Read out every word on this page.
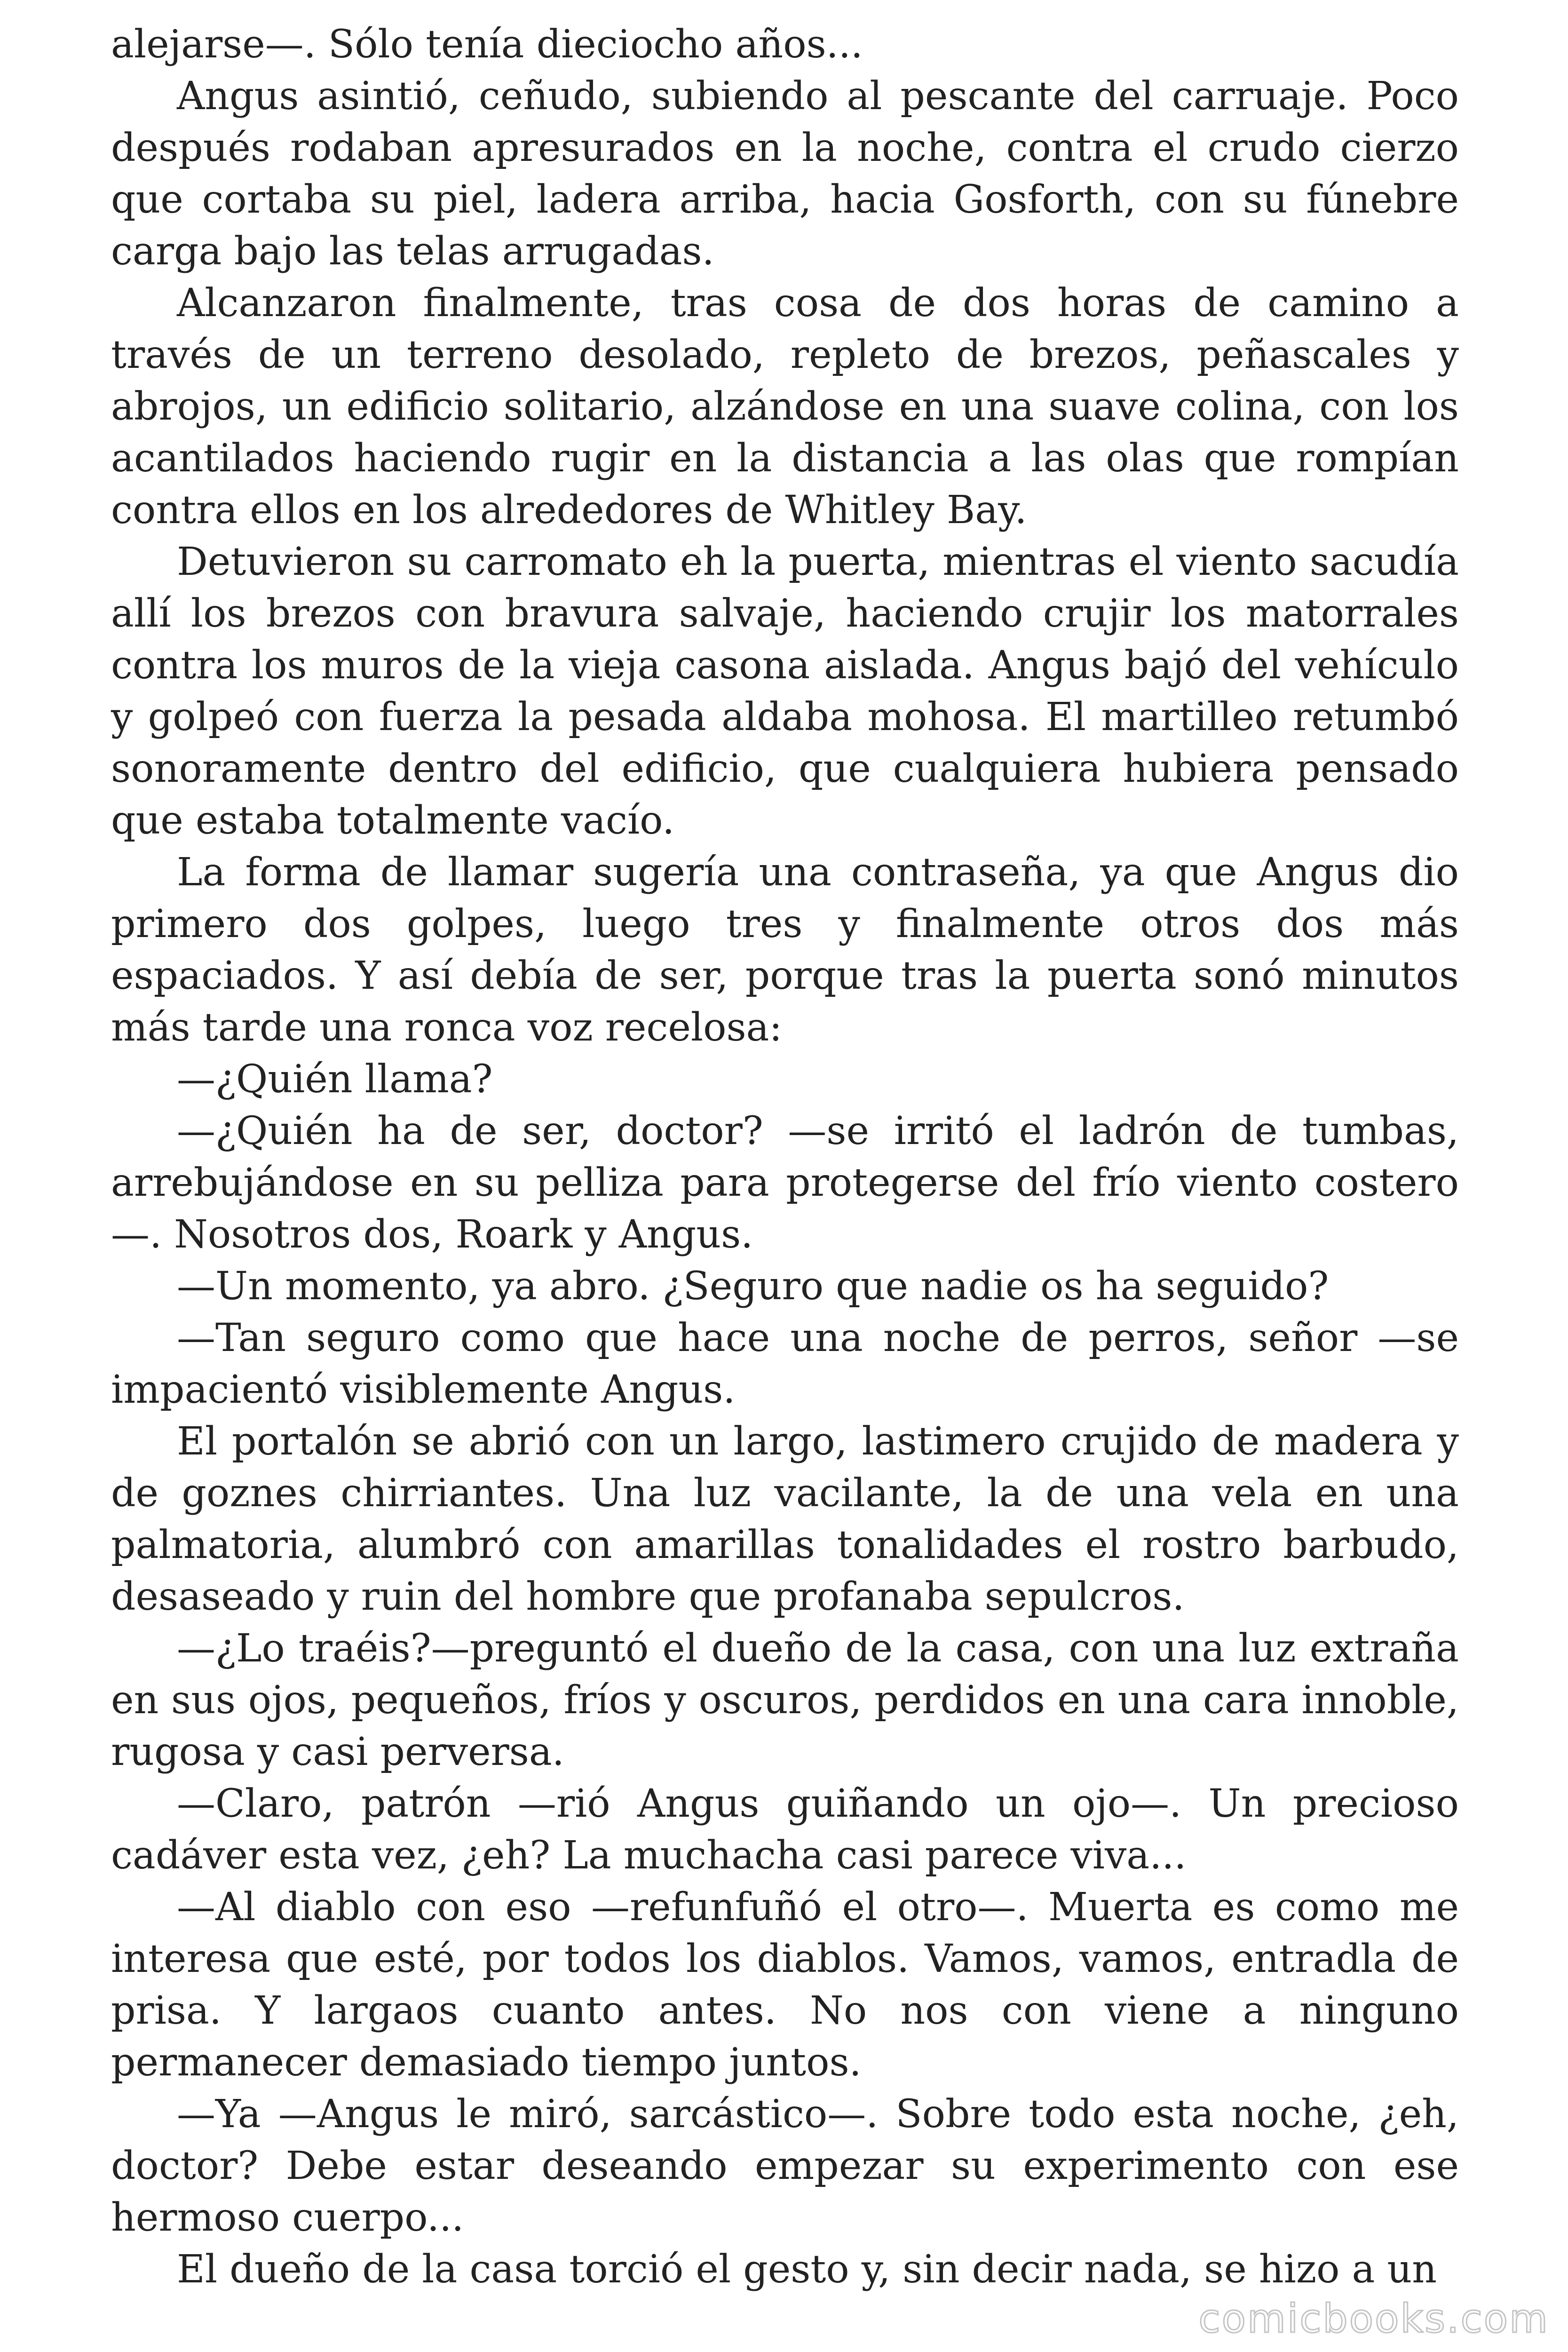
alejarse—. Sólo tenía dieciocho años...

Angus asintió, ceñudo, subiendo al pescante del carruaje. Poco después rodaban apresurados en la noche, contra el crudo cierzo que cortaba su piel, ladera arriba, hacia Gosforth, con su fúnebre carga bajo las telas arrugadas.

Alcanzaron finalmente, tras cosa de dos horas de camino a través de un terreno desolado, repleto de brezos, peñascales y abrojos, un edificio solitario, alzándose en una suave colina, con los acantilados haciendo rugir en la distancia a las olas que rompían contra ellos en los alrededores de Whitley Bay.

Detuvieron su carromato eh la puerta, mientras el viento sacudía allí los brezos con bravura salvaje, haciendo crujir los matorrales contra los muros de la vieja casona aislada. Angus bajó del vehículo y golpeó con fuerza la pesada aldaba mohosa. El martilleo retumbó sonoramente dentro del edificio, que cualquiera hubiera pensado que estaba totalmente vacío.

La forma de llamar sugería una contraseña, ya que Angus dio primero dos golpes, luego tres y finalmente otros dos más espaciados. Y así debía de ser, porque tras la puerta sonó minutos más tarde una ronca voz recelosa:

—¿Quién llama?

—¿Quién ha de ser, doctor? —se irritó el ladrón de tumbas, arrebujándose en su pelliza para protegerse del frío viento costero—. Nosotros dos, Roark y Angus.

—Un momento, ya abro. ¿Seguro que nadie os ha seguido?

—Tan seguro como que hace una noche de perros, señor —se impacientó visiblemente Angus.

El portalón se abrió con un largo, lastimero crujido de madera y de goznes chirriantes. Una luz vacilante, la de una vela en una palmatoria, alumbró con amarillas tonalidades el rostro barbudo, desaseado y ruin del hombre que profanaba sepulcros.

—¿Lo traéis?—preguntó el dueño de la casa, con una luz extraña en sus ojos, pequeños, fríos y oscuros, perdidos en una cara innoble, rugosa y casi perversa.

—Claro, patrón —rió Angus guiñando un ojo—. Un precioso cadáver esta vez, ¿eh? La muchacha casi parece viva...

—Al diablo con eso —refunfuñó el otro—. Muerta es como me interesa que esté, por todos los diablos. Vamos, vamos, entradla de prisa. Y largaos cuanto antes. No nos con viene a ninguno permanecer demasiado tiempo juntos.

—Ya —Angus le miró, sarcástico—. Sobre todo esta noche, ¿eh, doctor? Debe estar deseando empezar su experimento con ese hermoso cuerpo...

El dueño de la casa torció el gesto y, sin decir nada, se hizo a un

comicbooks.com
